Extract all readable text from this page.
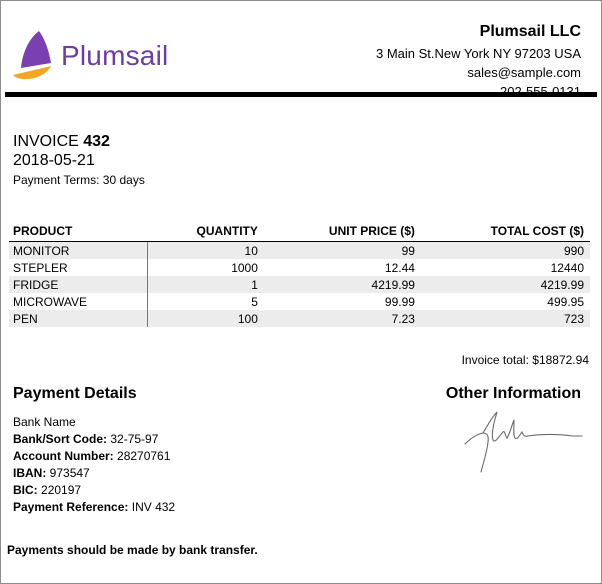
Plumsail
Plumsail LLC
3 Main St.New York NY 97203 USA
sales@sample.com
INVOICE 432
2018-05-21
Payment Terms: 30 days
PRODUCT	QUANTITY	UNIT PRICE ($)	TOTAL COST ($)
MONITOR	10	99	990
STEPLER	1000	12.44	12440
FRIDGE	1	4219.99	4219.99
MICROWAVE	5	99.99	499.95
PEN	100	7.23	723
Invoice total: $18872.94
Payment Details	Other Information
Bank Name
Bank/Sort Code: 32-75-97
Account Number: 28270761
IBAN: 973547
BIC: 220197
Payment Reference: INV 432
Payments should be made by bank transfer.
